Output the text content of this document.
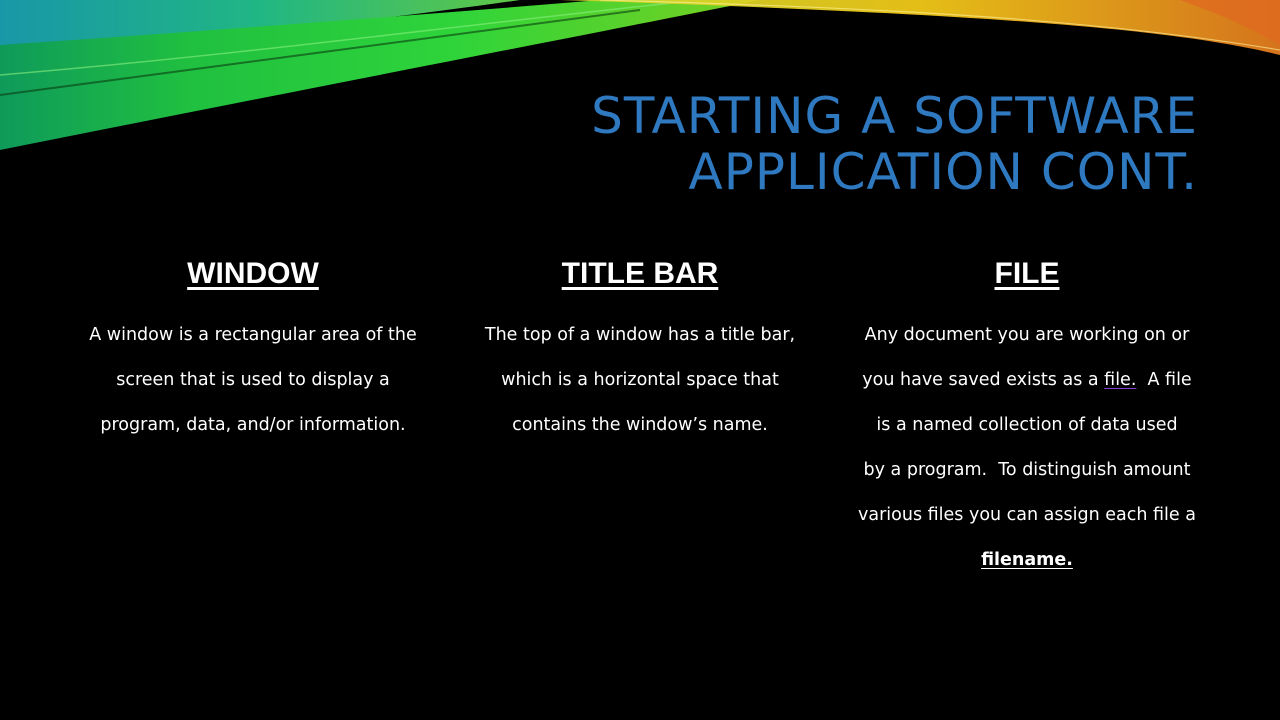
STARTING A SOFTWARE
APPLICATION CONT.
WINDOW
A window is a rectangular area of the
screen that is used to display a
program, data, and/or information.
TITLE BAR
The top of a window has a title bar,
which is a horizontal space that
contains the window’s name.
FILE
Any document you are working on or
you have saved exists as a file.  A file
is a named collection of data used
by a program.  To distinguish amount
various files you can assign each file a
filename.
